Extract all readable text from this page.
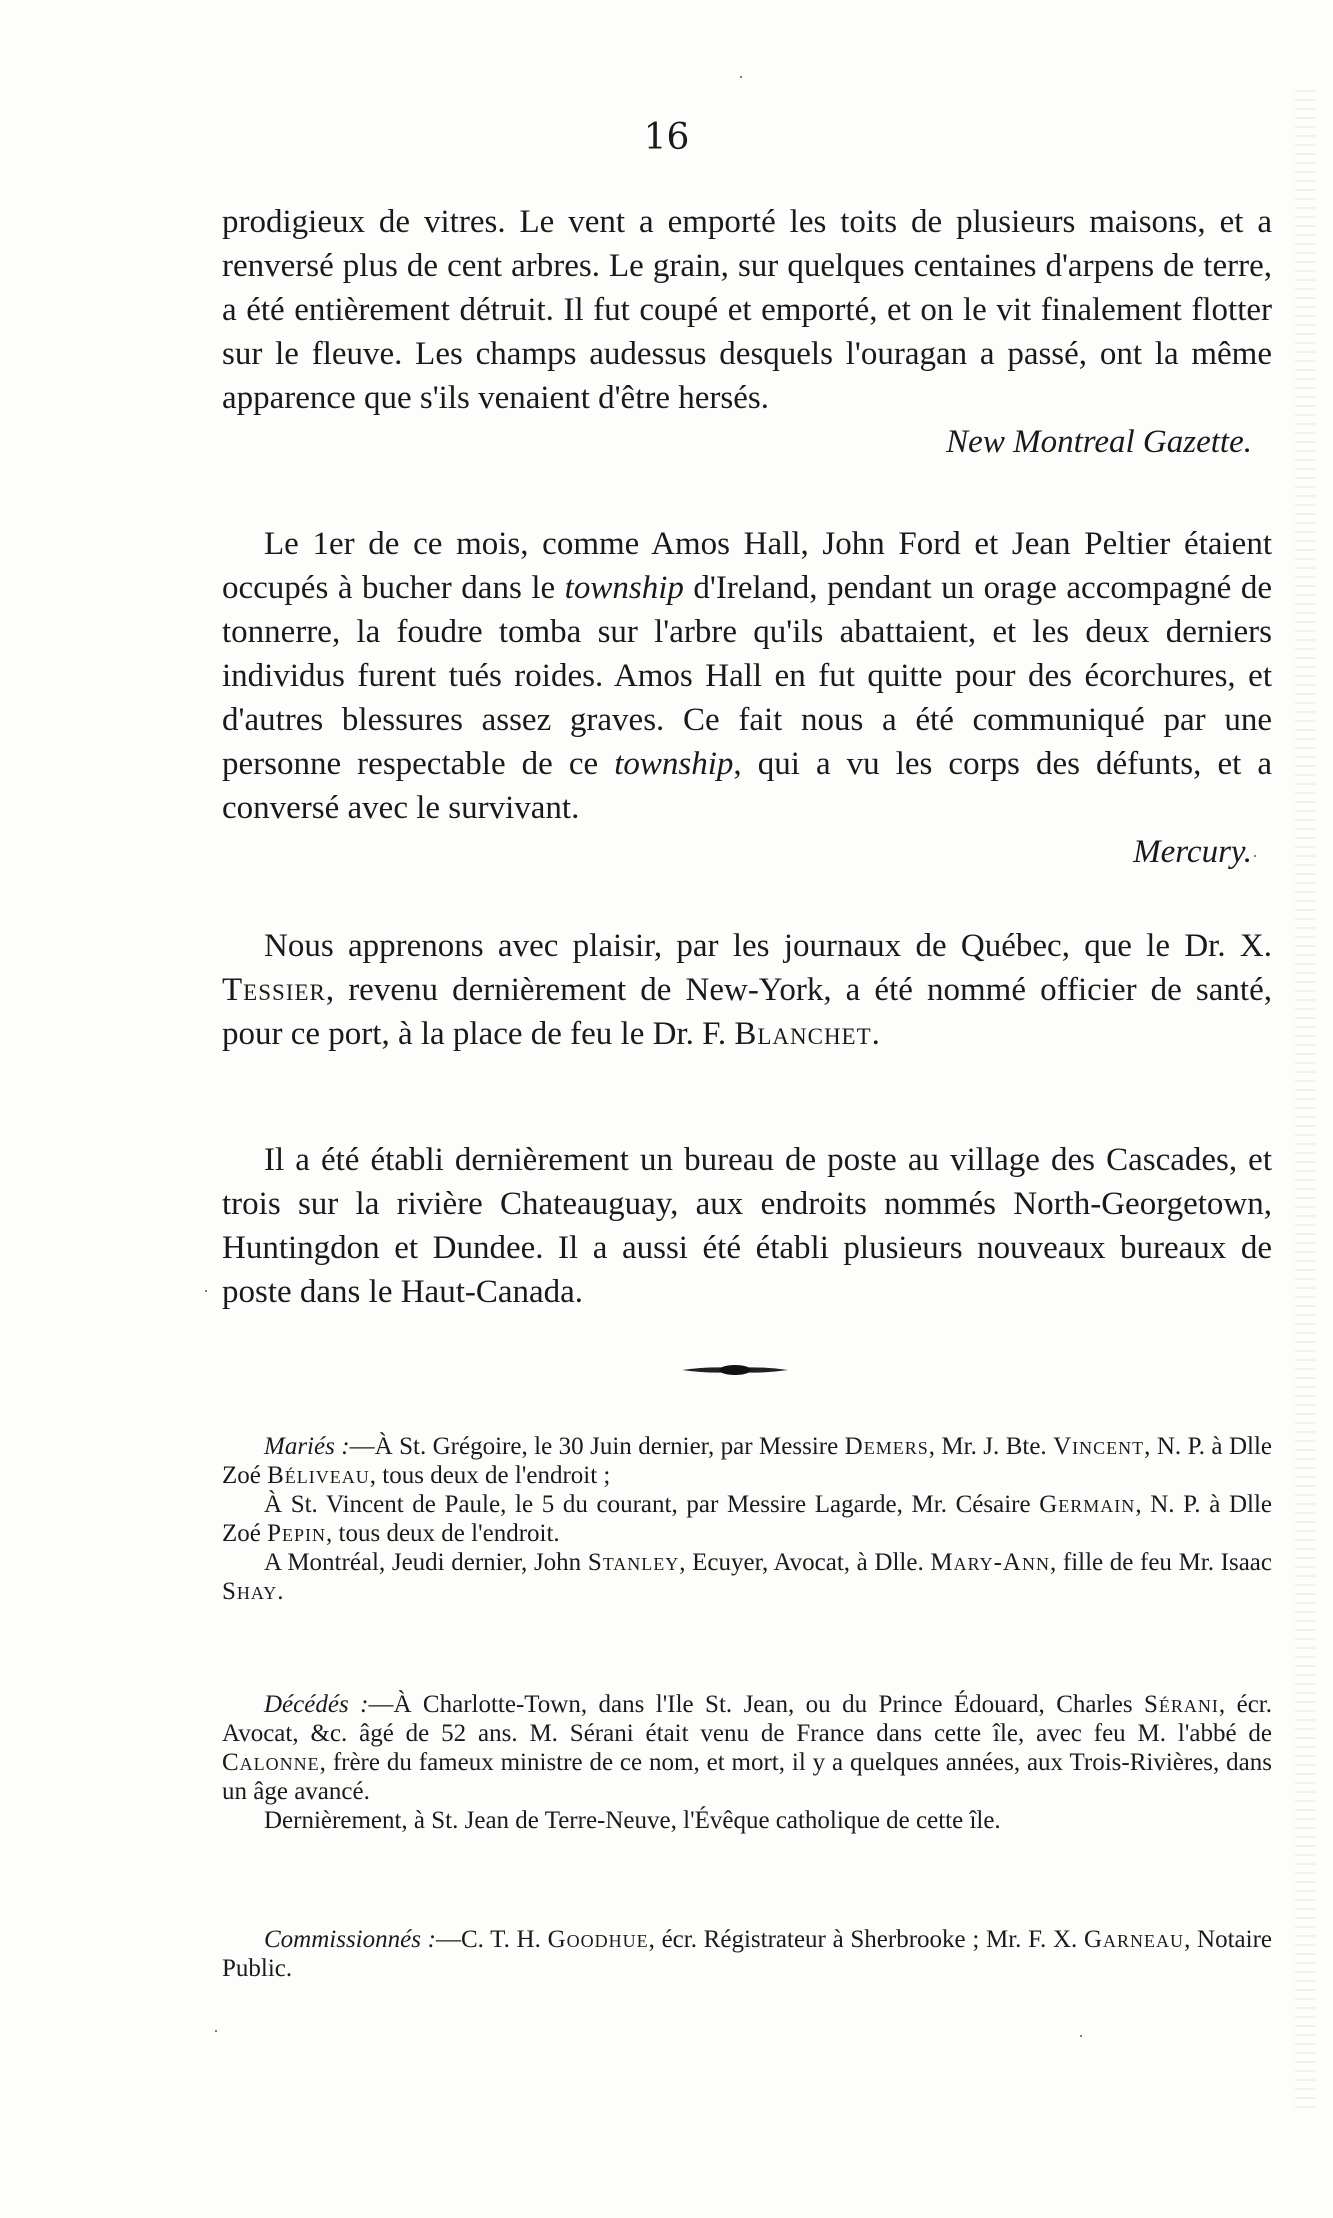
16

prodigieux de vitres. Le vent a emporté les toits de plusieurs maisons, et a renversé plus de cent arbres. Le grain, sur quelques centaines d'arpens de terre, a été entièrement détruit. Il fut coupé et emporté, et on le vit finalement flotter sur le fleuve. Les champs audessus desquels l'ouragan a passé, ont la même apparence que s'ils venaient d'être hersés.

New Montreal Gazette.

Le 1er de ce mois, comme Amos Hall, John Ford et Jean Peltier étaient occupés à bucher dans le township d'Ireland, pendant un orage accompagné de tonnerre, la foudre tomba sur l'arbre qu'ils abattaient, et les deux derniers individus furent tués roides. Amos Hall en fut quitte pour des écorchures, et d'autres blessures assez graves. Ce fait nous a été communiqué par une personne respectable de ce township, qui a vu les corps des défunts, et a conversé avec le survivant.

Mercury.

Nous apprenons avec plaisir, par les journaux de Québec, que le Dr. X. Tessier, revenu dernièrement de New-York, a été nommé officier de santé, pour ce port, à la place de feu le Dr. F. Blanchet.

Il a été établi dernièrement un bureau de poste au village des Cascades, et trois sur la rivière Chateauguay, aux endroits nommés North-Georgetown, Huntingdon et Dundee. Il a aussi été établi plusieurs nouveaux bureaux de poste dans le Haut-Canada.

Mariés :—À St. Grégoire, le 30 Juin dernier, par Messire Demers, Mr. J. Bte. Vincent, N. P. à Dlle Zoé Béliveau, tous deux de l'endroit ;

À St. Vincent de Paule, le 5 du courant, par Messire Lagarde, Mr. Césaire Germain, N. P. à Dlle Zoé Pepin, tous deux de l'endroit.

A Montréal, Jeudi dernier, John Stanley, Ecuyer, Avocat, à Dlle. Mary-Ann, fille de feu Mr. Isaac Shay.

Décédés :—À Charlotte-Town, dans l'Ile St. Jean, ou du Prince Édouard, Charles Sérani, écr. Avocat, &c. âgé de 52 ans. M. Sérani était venu de France dans cette île, avec feu M. l'abbé de Calonne, frère du fameux ministre de ce nom, et mort, il y a quelques années, aux Trois-Rivières, dans un âge avancé.

Dernièrement, à St. Jean de Terre-Neuve, l'Évêque catholique de cette île.

Commissionnés :—C. T. H. Goodhue, écr. Régistrateur à Sherbrooke ; Mr. F. X. Garneau, Notaire Public.
